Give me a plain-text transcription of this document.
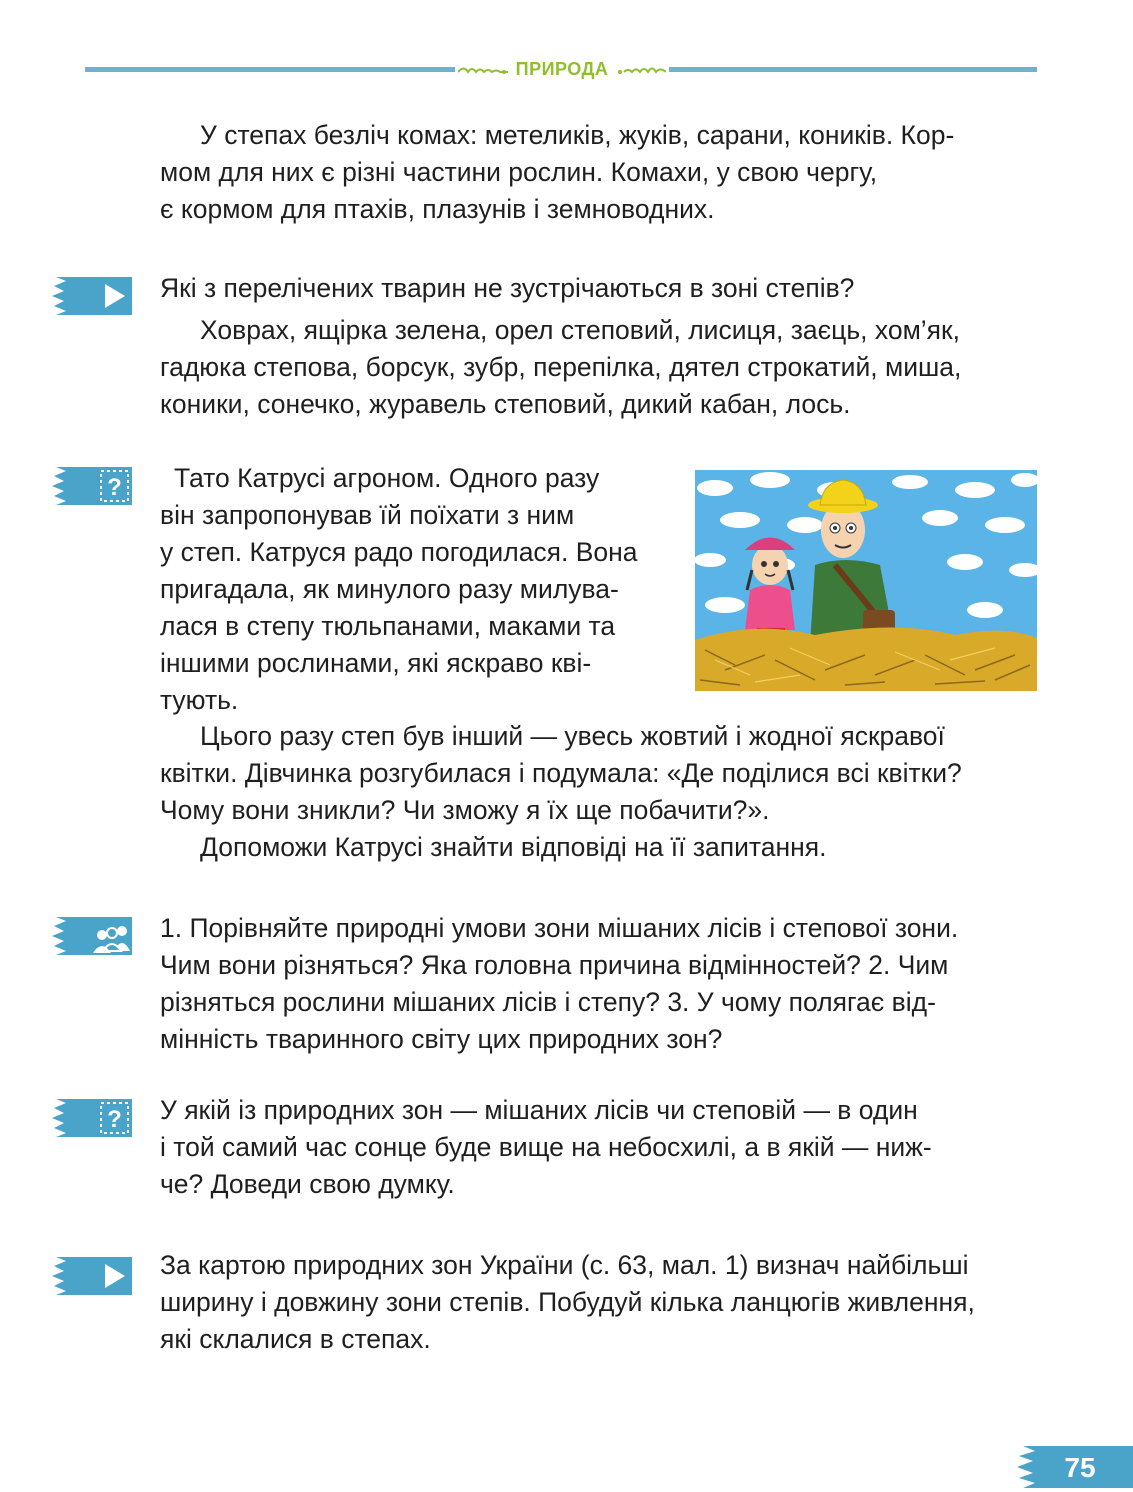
ПРИРОДА

У степах безліч комах: метеликів, жуків, сарани, коників. Кор-

мом для них є різні частини рослин. Комахи, у свою чергу,

є кормом для птахів, плазунів і земноводних.

Які з перелічених тварин не зустрічаються в зоні степів?

Ховрах, ящірка зелена, орел степовий, лисиця, заєць, хом’як,

гадюка степова, борсук, зубр, перепілка, дятел строкатий, миша,

коники, сонечко, журавель степовий, дикий кабан, лось.

?	Тато Катрусі агроном. Одного разу

він запропонував їй поїхати з ним

у степ. Катруся радо погодилася. Вона

пригадала, як минулого разу милува-

лася в степу тюльпанами, маками та

іншими рослинами, які яскраво кві-

тують.

Цього разу степ був інший — увесь жовтий і жодної яскравої

квітки. Дівчинка розгубилася і подумала: «Де поділися всі квітки?

Чому вони зникли? Чи зможу я їх ще побачити?».

Допоможи Катрусі знайти відповіді на її запитання.

1. Порівняйте природні умови зони мішаних лісів і степової зони.

Чим вони різняться? Яка головна причина відмінностей? 2. Чим

різняться рослини мішаних лісів і степу? 3. У чому полягає від-

мінність тваринного світу цих природних зон?

? У якій із природних зон — мішаних лісів чи степовій — в один

і той самий час сонце буде вище на небосхилі, а в якій — ниж-

че? Доведи свою думку.

За картою природних зон України (с. 63, мал. 1) визнач найбільші

ширину і довжину зони степів. Побудуй кілька ланцюгів живлення,

які склалися в степах.

75
